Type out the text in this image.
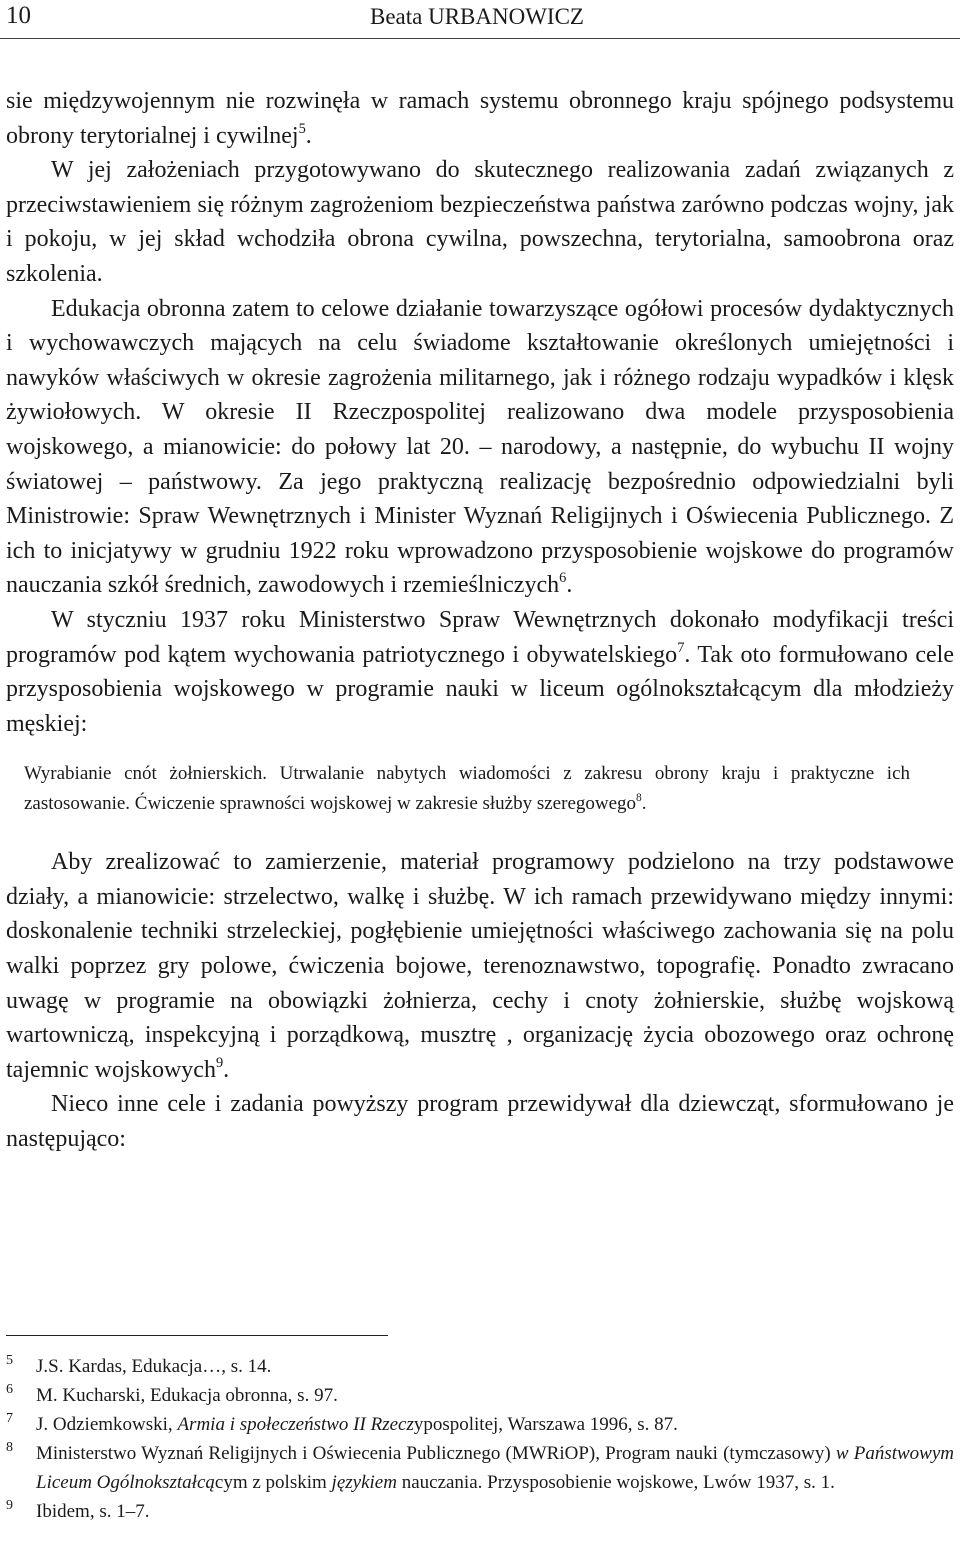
10	Beata URBANOWICZ

sie międzywojennym nie rozwinęła w ramach systemu obronnego kraju spójnego podsystemu obrony terytorialnej i cywilnej$^5$.

W jej założeniach przygotowywano do skutecznego realizowania zadań związanych z przeciwstawieniem się różnym zagrożeniom bezpieczeństwa państwa zarówno podczas wojny, jak i pokoju, w jej skład wchodziła obrona cywilna, powszechna, terytorialna, samoobrona oraz szkolenia.

Edukacja obronna zatem to celowe działanie towarzyszące ogółowi procesów dydaktycznych i wychowawczych mających na celu świadome kształtowanie określonych umiejętności i nawyków właściwych w okresie zagrożenia militarnego, jak i różnego rodzaju wypadków i klęsk żywiołowych. W okresie II Rzeczpospolitej realizowano dwa modele przysposobienia wojskowego, a mianowicie: do połowy lat 20. – narodowy, a następnie, do wybuchu II wojny światowej – państwowy. Za jego praktyczną realizację bezpośrednio odpowiedzialni byli Ministrowie: Spraw Wewnętrznych i Minister Wyznań Religijnych i Oświecenia Publicznego. Z ich to inicjatywy w grudniu 1922 roku wprowadzono przysposobienie wojskowe do programów nauczania szkół średnich, zawodowych i rzemieślniczych$^6$.

W styczniu 1937 roku Ministerstwo Spraw Wewnętrznych dokonało modyfikacji treści programów pod kątem wychowania patriotycznego i obywatelskiego$^7$. Tak oto formułowano cele przysposobienia wojskowego w programie nauki w liceum ogólnokształcącym dla młodzieży męskiej:

Wyrabianie cnót żołnierskich. Utrwalanie nabytych wiadomości z zakresu obrony kraju i praktyczne ich zastosowanie. Ćwiczenie sprawności wojskowej w zakresie służby szeregowego$^8$.

Aby zrealizować to zamierzenie, materiał programowy podzielono na trzy podstawowe działy, a mianowicie: strzelectwo, walkę i służbę. W ich ramach przewidywano między innymi: doskonalenie techniki strzeleckiej, pogłębienie umiejętności właściwego zachowania się na polu walki poprzez gry polowe, ćwiczenia bojowe, terenoznawstwo, topografię. Ponadto zwracano uwagę w programie na obowiązki żołnierza, cechy i cnoty żołnierskie, służbę wojskową wartowniczą, inspekcyjną i porządkową, musztrę , organizację życia obozowego oraz ochronę tajemnic wojskowych$^9$.

Nieco inne cele i zadania powyższy program przewidywał dla dziewcząt, sformułowano je następująco:

5 J.S. Kardas, Edukacja…, s. 14.
6 M. Kucharski, Edukacja obronna, s. 97.
7 J. Odziemkowski, Armia i społeczeństwo II Rzeczypospolitej, Warszawa 1996, s. 87.
8 Ministerstwo Wyznań Religijnych i Oświecenia Publicznego (MWRiOP), Program nauki (tymczasowy) w Państwowym Liceum Ogólnokształcącym z polskim językiem nauczania. Przysposobienie wojskowe, Lwów 1937, s. 1.
9 Ibidem, s. 1–7.
